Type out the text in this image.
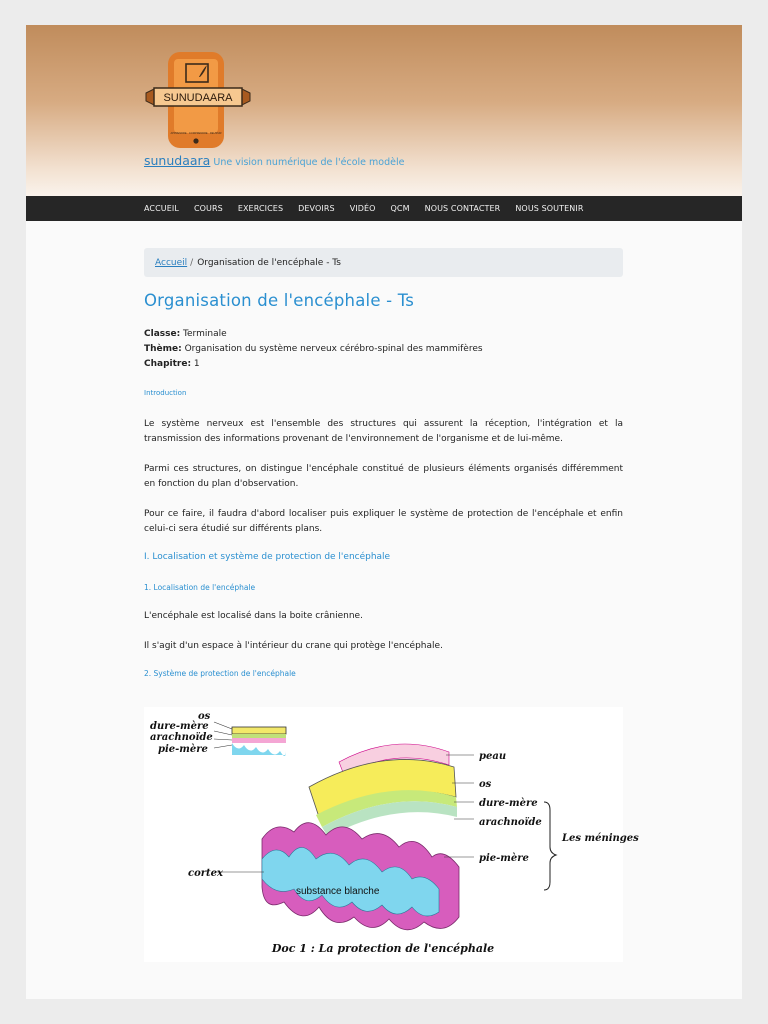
SUNUDAARA
APPRENDRE · COMPRENDRE · REUSSIR
sunudaara Une vision numérique de l'école modèle
ACCUEIL COURS EXERCICES DEVOIRS VIDÉO QCM NOUS CONTACTER NOUS SOUTENIR
Accueil / Organisation de l'encéphale - Ts
Organisation de l'encéphale - Ts
Classe: Terminale
Thème: Organisation du système nerveux cérébro-spinal des mammifères
Chapitre: 1
Introduction

Le système nerveux est l'ensemble des structures qui assurent la réception, l'intégration et la transmission des informations provenant de l'environnement de l'organisme et de lui-même.

Parmi ces structures, on distingue l'encéphale constitué de plusieurs éléments organisés différemment en fonction du plan d'observation.

Pour ce faire, il faudra d'abord localiser puis expliquer le système de protection de l'encéphale et enfin celui-ci sera étudié sur différents plans.

I. Localisation et système de protection de l'encéphale
1. Localisation de l'encéphale

L'encéphale est localisé dans la boite crânienne.

Il s'agit d'un espace à l'intérieur du crane qui protège l'encéphale.

2. Système de protection de l'encéphale
os
dure-mère
arachnoïde
pie-mère
peau
os
dure-mère
arachnoïde
pie-mère
Les méninges
cortex
substance blanche
Doc 1 : La protection de l'encéphale
